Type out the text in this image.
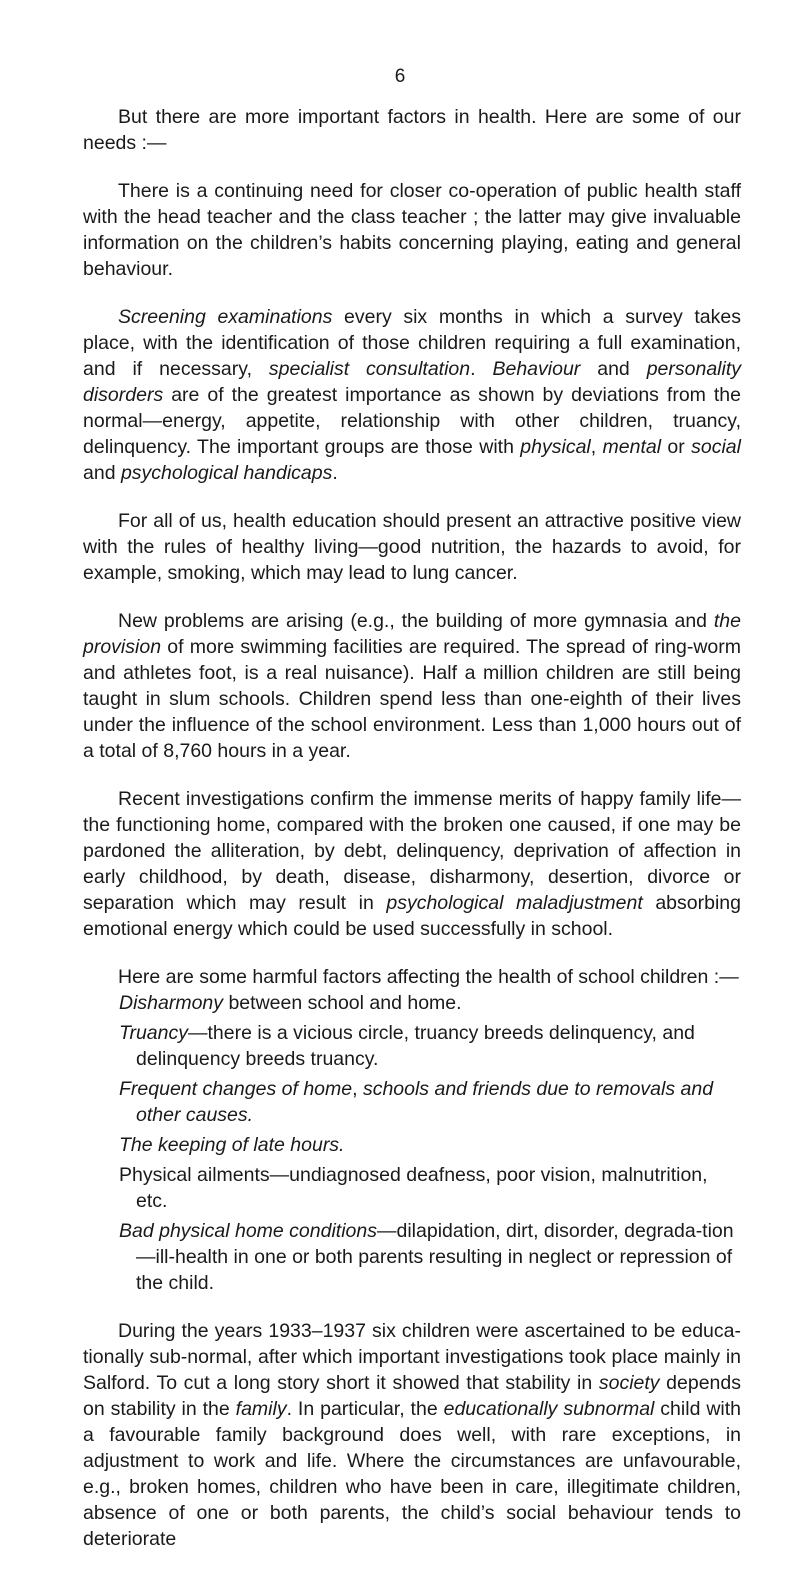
6

But there are more important factors in health. Here are some of our needs :—

There is a continuing need for closer co-operation of public health staff with the head teacher and the class teacher ; the latter may give invaluable information on the children’s habits concerning playing, eating and general behaviour.

Screening examinations every six months in which a survey takes place, with the identification of those children requiring a full examination, and if necessary, specialist consultation. Behaviour and personality disorders are of the greatest importance as shown by deviations from the normal—energy, appetite, relationship with other children, truancy, delinquency. The important groups are those with physical, mental or social and psychological handicaps.

For all of us, health education should present an attractive positive view with the rules of healthy living—good nutrition, the hazards to avoid, for example, smoking, which may lead to lung cancer.

New problems are arising (e.g., the building of more gymnasia and the provision of more swimming facilities are required. The spread of ring-worm and athletes foot, is a real nuisance). Half a million children are still being taught in slum schools. Children spend less than one-eighth of their lives under the influence of the school environment. Less than 1,000 hours out of a total of 8,760 hours in a year.

Recent investigations confirm the immense merits of happy family life—the functioning home, compared with the broken one caused, if one may be pardoned the alliteration, by debt, delinquency, deprivation of affection in early childhood, by death, disease, disharmony, desertion, divorce or separation which may result in psychological maladjustment absorbing emotional energy which could be used successfully in school.

Here are some harmful factors affecting the health of school children :—

Disharmony between school and home.
Truancy—there is a vicious circle, truancy breeds delinquency, and delinquency breeds truancy.
Frequent changes of home, schools and friends due to removals and other causes.
The keeping of late hours.
Physical ailments—undiagnosed deafness, poor vision, malnutrition, etc.
Bad physical home conditions—dilapidation, dirt, disorder, degrada-tion—ill-health in one or both parents resulting in neglect or repression of the child.

During the years 1933–1937 six children were ascertained to be educa-tionally sub-normal, after which important investigations took place mainly in Salford. To cut a long story short it showed that stability in society depends on stability in the family. In particular, the educationally subnormal child with a favourable family background does well, with rare exceptions, in adjustment to work and life. Where the circumstances are unfavourable, e.g., broken homes, children who have been in care, illegitimate children, absence of one or both parents, the child’s social behaviour tends to deteriorate
